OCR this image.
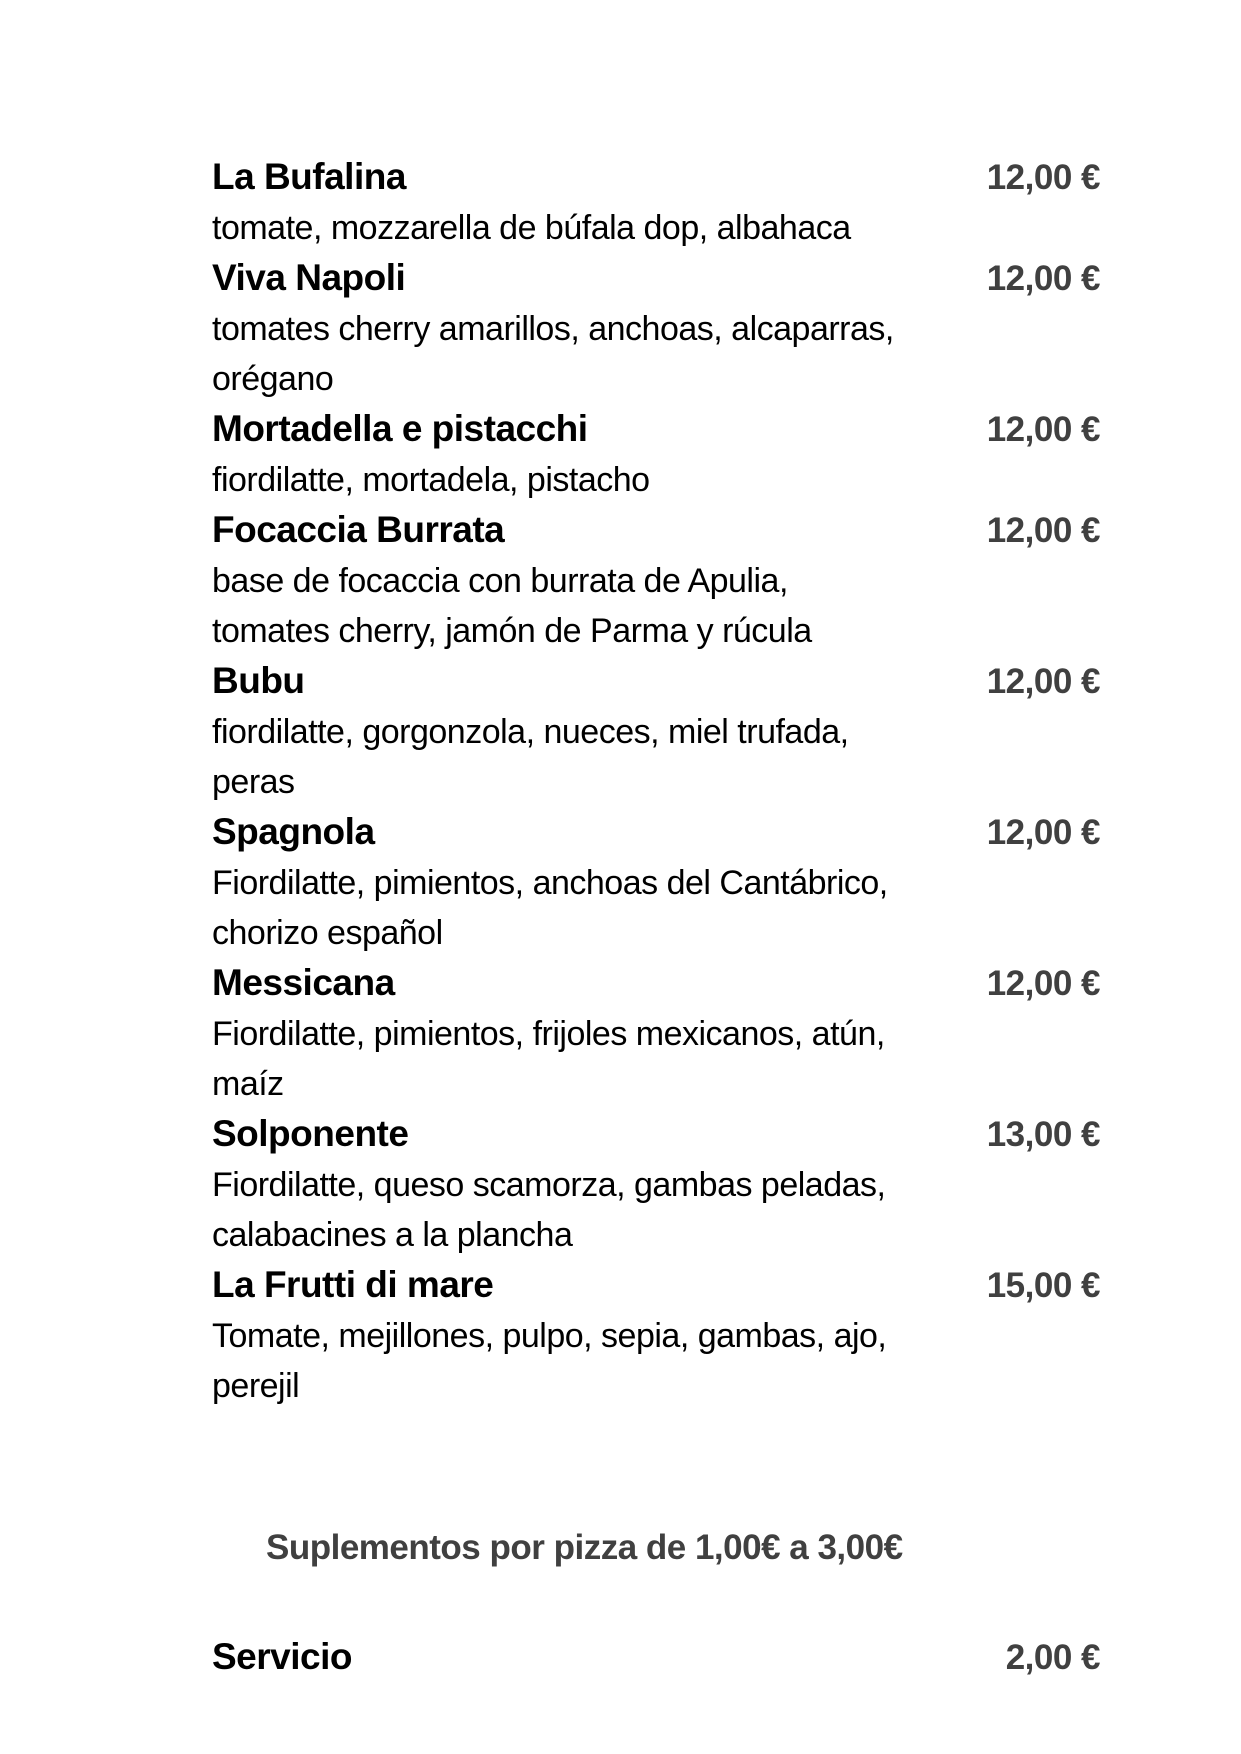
La Bufalina	12,00 €
tomate, mozzarella de búfala dop, albahaca
Viva Napoli	12,00 €
tomates cherry amarillos, anchoas, alcaparras,
orégano
Mortadella e pistacchi	12,00 €
fiordilatte, mortadela, pistacho
Focaccia Burrata	12,00 €
base de focaccia con burrata de Apulia,
tomates cherry, jamón de Parma y rúcula
Bubu	12,00 €
fiordilatte, gorgonzola, nueces, miel trufada,
peras
Spagnola	12,00 €
Fiordilatte, pimientos, anchoas del Cantábrico,
chorizo español
Messicana	12,00 €
Fiordilatte, pimientos, frijoles mexicanos, atún,
maíz
Solponente	13,00 €
Fiordilatte, queso scamorza, gambas peladas,
calabacines a la plancha
La Frutti di mare	15,00 €
Tomate, mejillones, pulpo, sepia, gambas, ajo,
perejil
Suplementos por pizza de 1,00€ a 3,00€
Servicio	2,00 €
